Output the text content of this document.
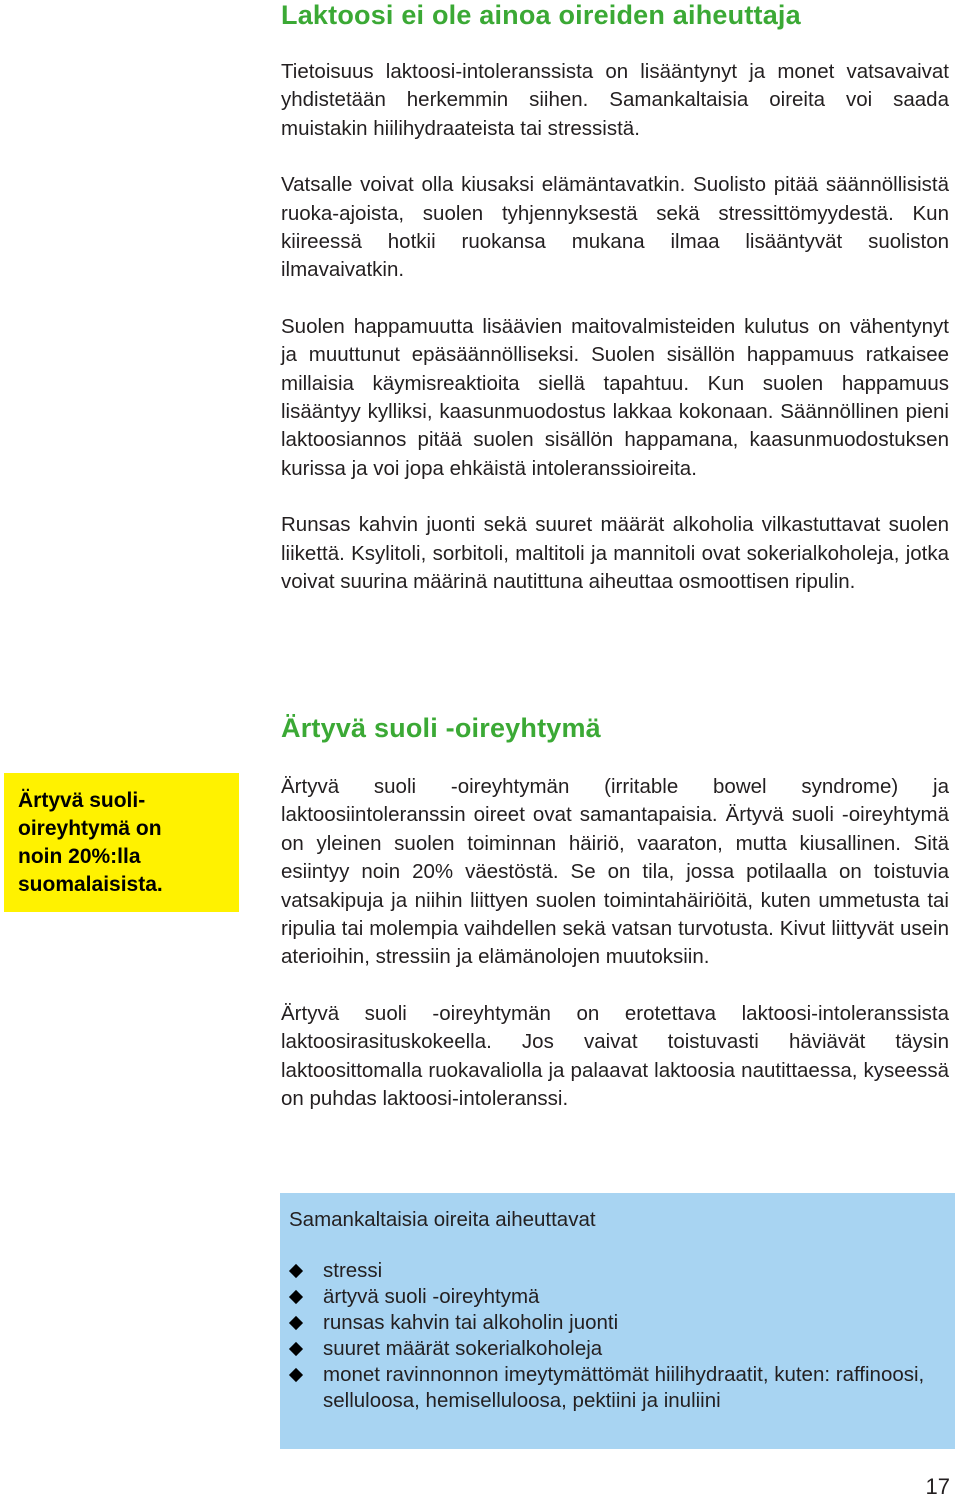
Laktoosi ei ole ainoa oireiden aiheuttaja

Tietoisuus laktoosi-intoleranssista on lisääntynyt ja monet vatsavaivat yhdistetään herkemmin siihen. Samankaltaisia oireita voi saada muistakin hiilihydraateista tai stressistä.

Vatsalle voivat olla kiusaksi elämäntavatkin. Suolisto pitää säännöllisistä ruoka-ajoista, suolen tyhjennyksestä sekä stressittömyydestä. Kun kiireessä hotkii ruokansa mukana ilmaa lisääntyvät suoliston ilmavaivatkin.

Suolen happamuutta lisäävien maitovalmisteiden kulutus on vähentynyt ja muuttunut epäsäännölliseksi. Suolen sisällön happamuus ratkaisee millaisia käymisreaktioita siellä tapahtuu. Kun suolen happamuus lisääntyy kylliksi, kaasunmuodostus lakkaa kokonaan. Säännöllinen pieni laktoosiannos pitää suolen sisällön happamana, kaasunmuodostuksen kurissa ja voi jopa ehkäistä intoleranssioireita.

Runsas kahvin juonti sekä suuret määrät alkoholia vilkastuttavat suolen liikettä. Ksylitoli, sorbitoli, maltitoli ja mannitoli ovat sokerialkoholeja, jotka voivat suurina määrinä nautittuna aiheuttaa osmoottisen ripulin.

Ärtyvä suoli -oireyhtymä
Ärtyvä suoli-
oireyhtymä on
noin 20%:lla
suomalaisista.

Ärtyvä suoli -oireyhtymän (irritable bowel syndrome) ja laktoosiintoleranssin oireet ovat samantapaisia. Ärtyvä suoli -oireyhtymä on yleinen suolen toiminnan häiriö, vaaraton, mutta kiusallinen. Sitä esiintyy noin 20% väestöstä. Se on tila, jossa potilaalla on toistuvia vatsakipuja ja niihin liittyen suolen toimintahäiriöitä, kuten ummetusta tai ripulia tai molempia vaihdellen sekä vatsan turvotusta. Kivut liittyvät usein aterioihin, stressiin ja elämänolojen muutoksiin.

Ärtyvä suoli -oireyhtymän on erotettava laktoosi-intoleranssista laktoosirasituskokeella. Jos vaivat toistuvasti häviävät täysin laktoosittomalla ruokavaliolla ja palaavat laktoosia nautittaessa, kyseessä on puhdas laktoosi-intoleranssi.

Samankaltaisia oireita aiheuttavat

stressi
ärtyvä suoli -oireyhtymä
runsas kahvin tai alkoholin juonti
suuret määrät sokerialkoholeja
monet ravinnonnon imeytymättömät hiilihydraatit, kuten: raffinoosi, selluloosa, hemiselluloosa, pektiini ja inuliini
17
